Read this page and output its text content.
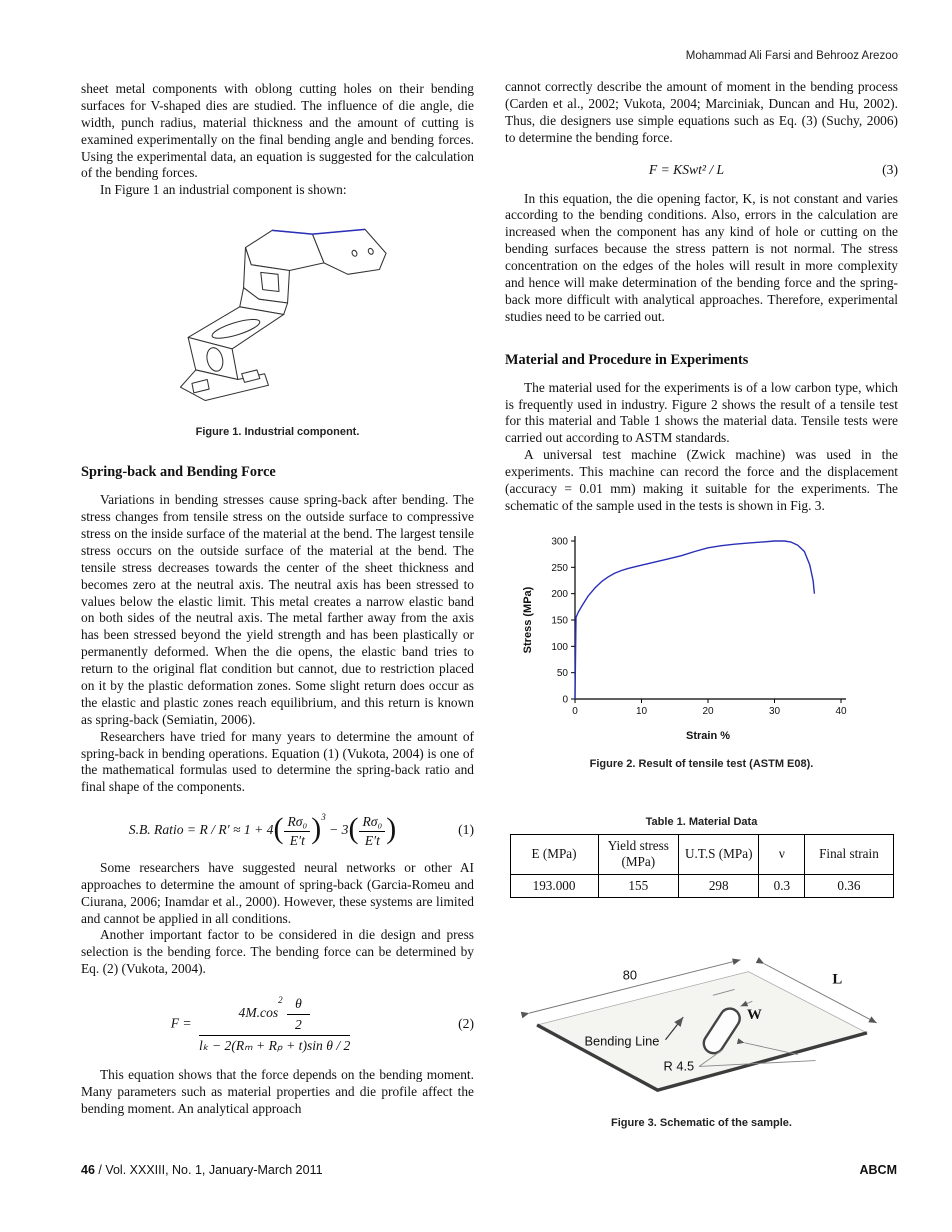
sheet metal components with oblong cutting holes on their bending surfaces for V-shaped dies are studied. The influence of die angle, die width, punch radius, material thickness and the amount of cutting is examined experimentally on the final bending angle and bending forces. Using the experimental data, an equation is suggested for the calculation of the bending forces.

In Figure 1 an industrial component is shown:

Figure 1. Industrial component.
Spring-back and Bending Force

Variations in bending stresses cause spring-back after bending. The stress changes from tensile stress on the outside surface to compressive stress on the inside surface of the material at the bend. The largest tensile stress occurs on the outside surface of the material at the bend. The tensile stress decreases towards the center of the sheet thickness and becomes zero at the neutral axis. The neutral axis has been stressed to values below the elastic limit. This metal creates a narrow elastic band on both sides of the neutral axis. The metal farther away from the axis has been stressed beyond the yield strength and has been plastically or permanently deformed. When the die opens, the elastic band tries to return to the original flat condition but cannot, due to restriction placed on it by the plastic deformation zones. Some slight return does occur as the elastic and plastic zones reach equilibrium, and this return is known as spring-back (Semiatin, 2006).

Researchers have tried for many years to determine the amount of spring-back in bending operations. Equation (1) (Vukota, 2004) is one of the mathematical formulas used to determine the spring-back ratio and final shape of the components.

S.B. Ratio = $R / R' \approx 1 + 4( \frac{\text{Rσ₀}}{E't} )^3 - 3( \frac{\text{Rσ₀}}{E't}$ )	(1)

Some researchers have suggested neural networks or other AI approaches to determine the amount of spring-back (Garcia-Romeu and Ciurana, 2006; Inamdar et al., 2000). However, these systems are limited and cannot be applied in all conditions.

Another important factor to be considered in die design and press selection is the bending force. The bending force can be determined by Eq. (2) (Vukota, 2004).

$F = \frac{4M.\cos^2 \frac{\theta}{2}}{\text{lₖ − 2(Rₘ + Rₚ + t)sin θ / 2}}$	(2)

This equation shows that the force depends on the bending moment. Many parameters such as material properties and die profile affect the bending moment. An analytical approach

Mohammad Ali Farsi and Behrooz Arezoo

cannot correctly describe the amount of moment in the bending process (Carden et al., 2002; Vukota, 2004; Marciniak, Duncan and Hu, 2002). Thus, die designers use simple equations such as Eq. (3) (Suchy, 2006) to determine the bending force.

F = KSwt² / L	(3)

In this equation, the die opening factor, K, is not constant and varies according to the bending conditions. Also, errors in the calculation are increased when the component has any kind of hole or cutting on the bending surfaces because the stress pattern is not normal. The stress concentration on the edges of the holes will result in more complexity and hence will make determination of the bending force and the spring-back more difficult with analytical approaches. Therefore, experimental studies need to be carried out.

Material and Procedure in Experiments

The material used for the experiments is of a low carbon type, which is frequently used in industry. Figure 2 shows the result of a tensile test for this material and Table 1 shows the material data. Tensile tests were carried out according to ASTM standards.

A universal test machine (Zwick machine) was used in the experiments. This machine can record the force and the displacement (accuracy = 0.01 mm) making it suitable for the experiments. The schematic of the sample used in the tests is shown in Fig. 3.

0
50
100
150
200
250
300
0	10	20	30	40
Stress (MPa)
Strain %
Figure 2. Result of tensile test (ASTM E08).
Table 1. Material Data
E (MPa)	Yield stress (MPa)	U.T.S (MPa)	ν	Final strain
193.000	155	298	0.3	0.36
80	L
W
Bending Line
R 4.5
Figure 3. Schematic of the sample.
46 / Vol. XXXIII, No. 1, January-March 2011	ABCM
